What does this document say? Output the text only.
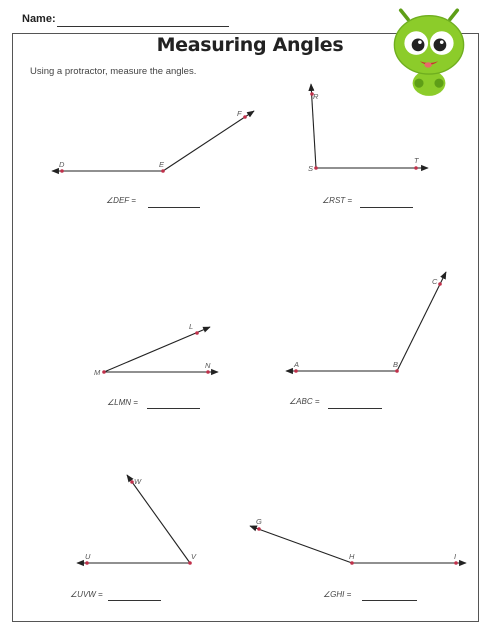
Name:
Measuring Angles
Using a protractor, measure the angles.
D	E
F
R
S
T
L
M
N	A	B
C
U	V
W
G
H	I
∠DEF =	∠RST =
∠LMN =	∠ABC =
∠UVW =	∠GHI =
